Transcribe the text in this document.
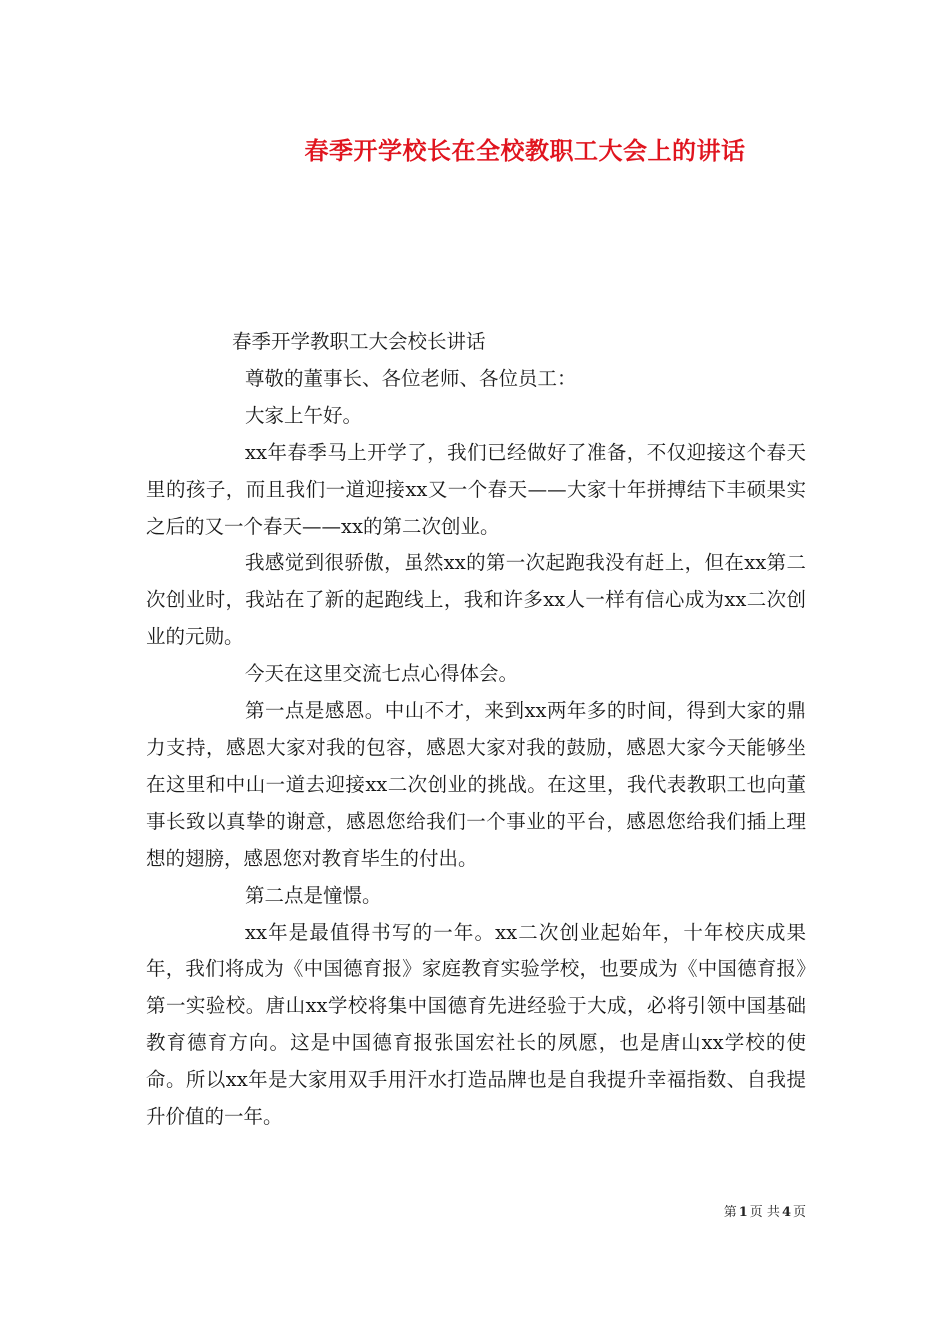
春季开学校长在全校教职工大会上的讲话

春季开学教职工大会校长讲话

尊敬的董事长、各位老师、各位员工：

大家上午好。

xx年春季马上开学了，我们已经做好了准备，不仅迎接这个春天里的孩子，而且我们一道迎接xx又一个春天——大家十年拼搏结下丰硕果实之后的又一个春天——xx的第二次创业。

我感觉到很骄傲，虽然xx的第一次起跑我没有赶上，但在xx第二次创业时，我站在了新的起跑线上，我和许多xx人一样有信心成为xx二次创业的元勋。

今天在这里交流七点心得体会。

第一点是感恩。中山不才，来到xx两年多的时间，得到大家的鼎力支持，感恩大家对我的包容，感恩大家对我的鼓励，感恩大家今天能够坐在这里和中山一道去迎接xx二次创业的挑战。在这里，我代表教职工也向董事长致以真挚的谢意，感恩您给我们一个事业的平台，感恩您给我们插上理想的翅膀，感恩您对教育毕生的付出。

第二点是憧憬。

xx年是最值得书写的一年。xx二次创业起始年，十年校庆成果年，我们将成为《中国德育报》家庭教育实验学校，也要成为《中国德育报》第一实验校。唐山xx学校将集中国德育先进经验于大成，必将引领中国基础教育德育方向。这是中国德育报张国宏社长的夙愿，也是唐山xx学校的使命。所以xx年是大家用双手用汗水打造品牌也是自我提升幸福指数、自我提升价值的一年。

第 1 页 共 4 页
